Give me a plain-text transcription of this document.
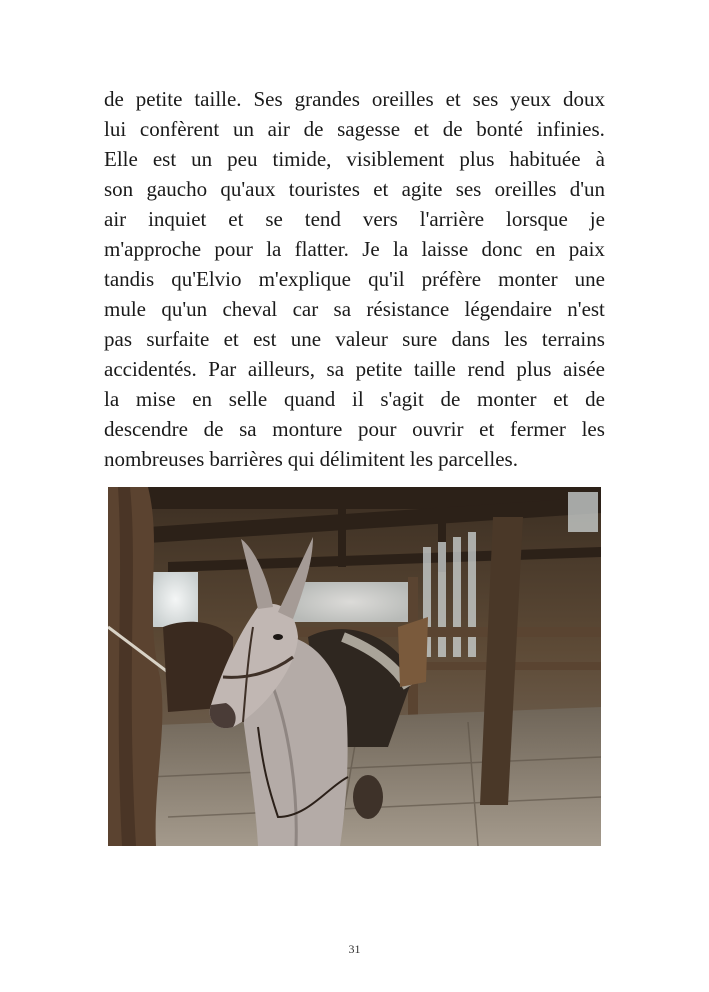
de petite taille. Ses grandes oreilles et ses yeux doux
lui confèrent un air de sagesse et de bonté infinies.
Elle est un peu timide, visiblement plus habituée à
son gaucho qu'aux touristes et agite ses oreilles d'un
air inquiet et se tend vers l'arrière lorsque je
m'approche pour la flatter. Je la laisse donc en paix
tandis qu'Elvio m'explique qu'il préfère monter une
mule qu'un cheval car sa résistance légendaire n'est
pas surfaite et est une valeur sure dans les terrains
accidentés. Par ailleurs, sa petite taille rend plus aisée
la mise en selle quand il s'agit de monter et de
descendre de sa monture pour ouvrir et fermer les
nombreuses barrières qui délimitent les parcelles.
31
